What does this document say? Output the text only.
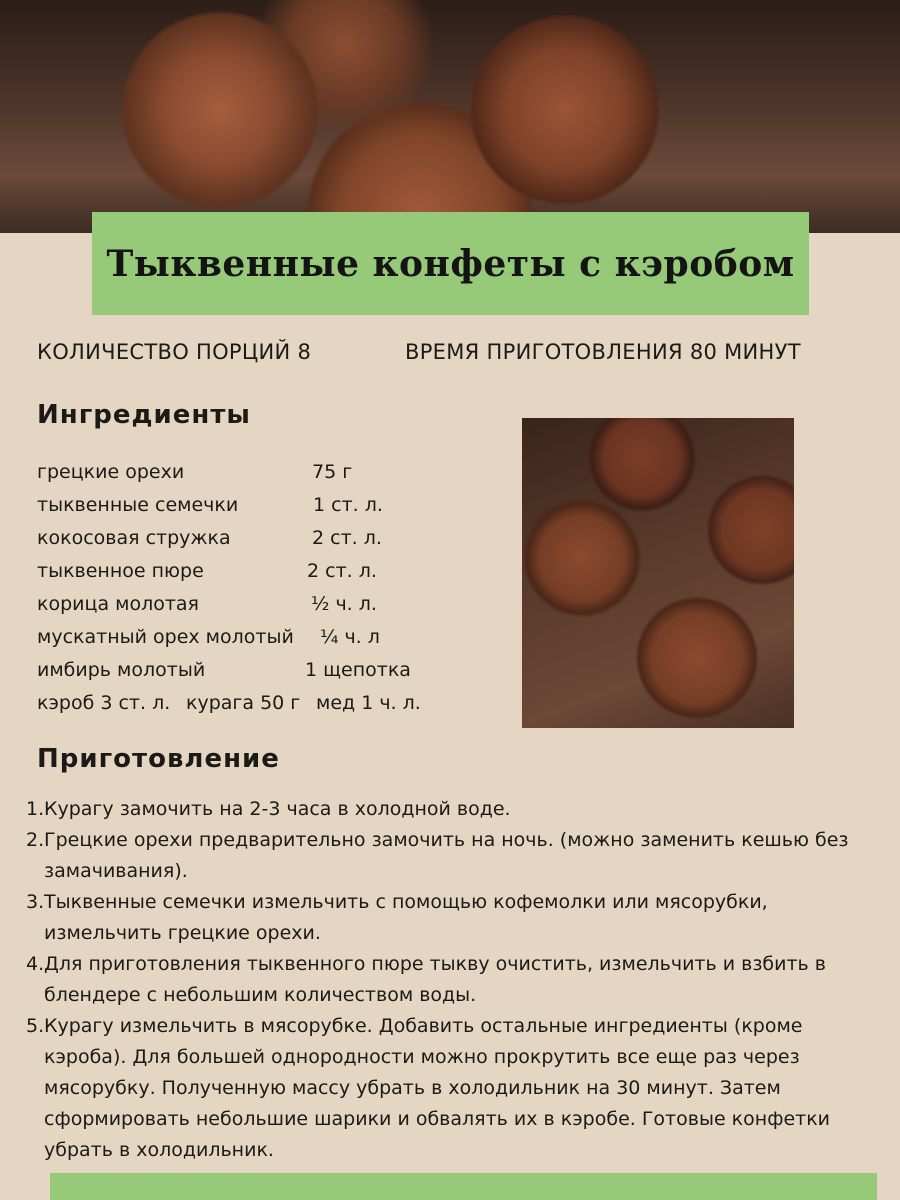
Тыквенные конфеты с кэробом
КОЛИЧЕСТВО ПОРЦИЙ 8	ВРЕМЯ ПРИГОТОВЛЕНИЯ 80 МИНУТ
Ингредиенты
грецкие орехи	75 г
тыквенные семечки	1 ст. л.
кокосовая стружка	2 ст. л.
тыквенное пюре	2 ст. л.
корица молотая	½ ч. л.
мускатный орех молотый ¼ ч. л
имбирь молотый	1 щепотка
кэроб 3 ст. л. курага 50 г мед 1 ч. л.
Приготовление
1. Курагу замочить на 2-3 часа в холодной воде.
2. Грецкие орехи предварительно замочить на ночь. (можно заменить кешью без замачивания).
3. Тыквенные семечки измельчить с помощью кофемолки или мясорубки, измельчить грецкие орехи.
4. Для приготовления тыквенного пюре тыкву очистить, измельчить и взбить в блендере с небольшим количеством воды.
5. Курагу измельчить в мясорубке. Добавить остальные ингредиенты (кроме кэроба). Для большей однородности можно прокрутить все еще раз через мясорубку. Полученную массу убрать в холодильник на 30 минут. Затем сформировать небольшие шарики и обвалять их в кэробе. Готовые конфетки убрать в холодильник.
